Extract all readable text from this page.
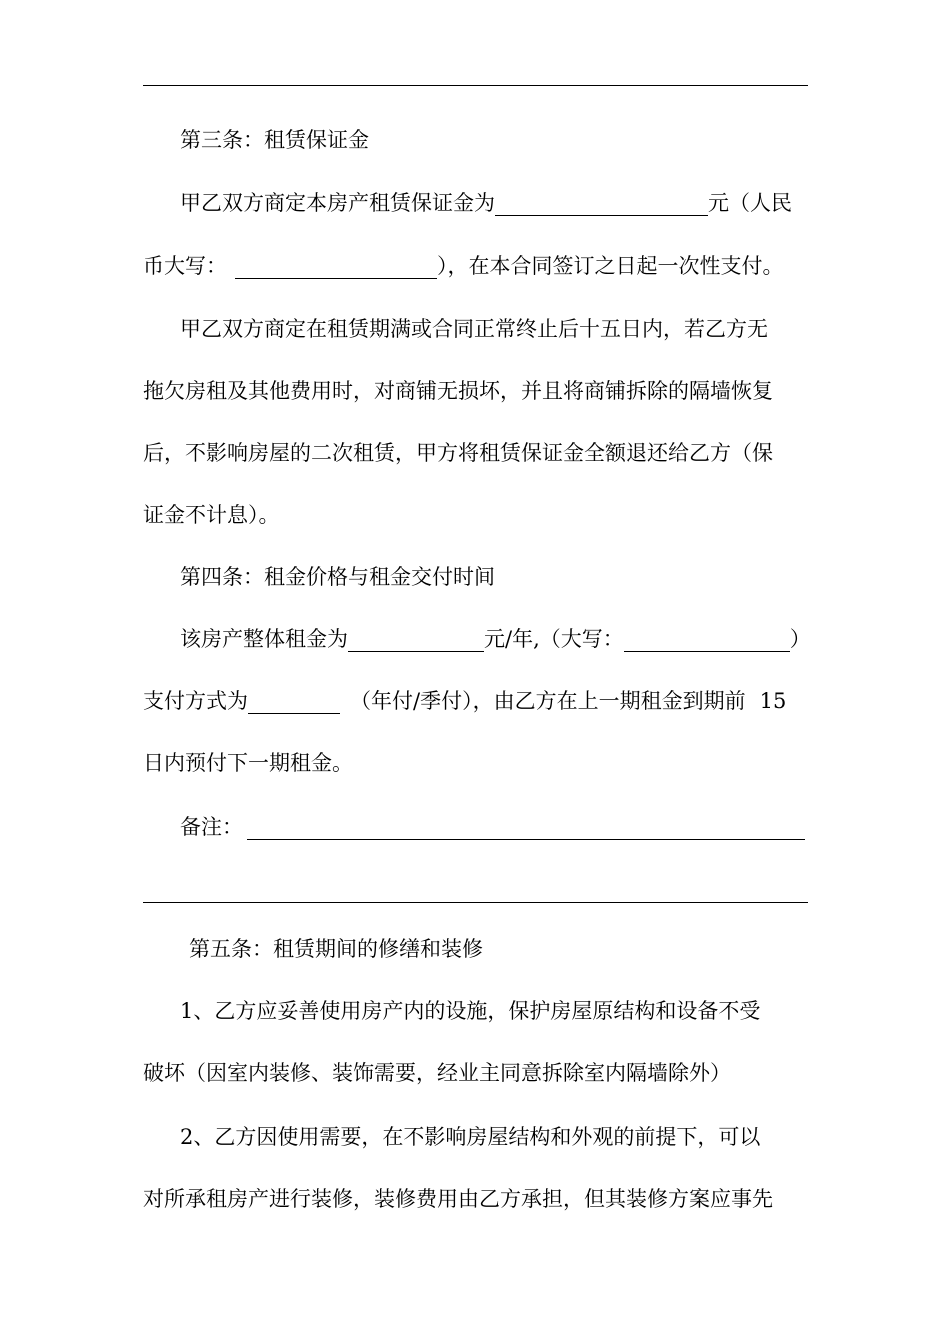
第三条：租赁保证金
甲乙双方商定本房产租赁保证金为	元（人民
币大写：	），在本合同签订之日起一次性支付。
甲乙双方商定在租赁期满或合同正常终止后十五日内，若乙方无
拖欠房租及其他费用时，对商铺无损坏，并且将商铺拆除的隔墙恢复
后，不影响房屋的二次租赁，甲方将租赁保证金全额退还给乙方（保
证金不计息）。
第四条：租金价格与租金交付时间
该房产整体租金为	元/年,（大写：	）
支付方式为	（年付/季付），由乙方在上一期租金到期前 15
日内预付下一期租金。
备注：
第五条：租赁期间的修缮和装修
1、乙方应妥善使用房产内的设施，保护房屋原结构和设备不受
破坏（因室内装修、装饰需要，经业主同意拆除室内隔墙除外）
2、乙方因使用需要，在不影响房屋结构和外观的前提下，可以
对所承租房产进行装修，装修费用由乙方承担，但其装修方案应事先
